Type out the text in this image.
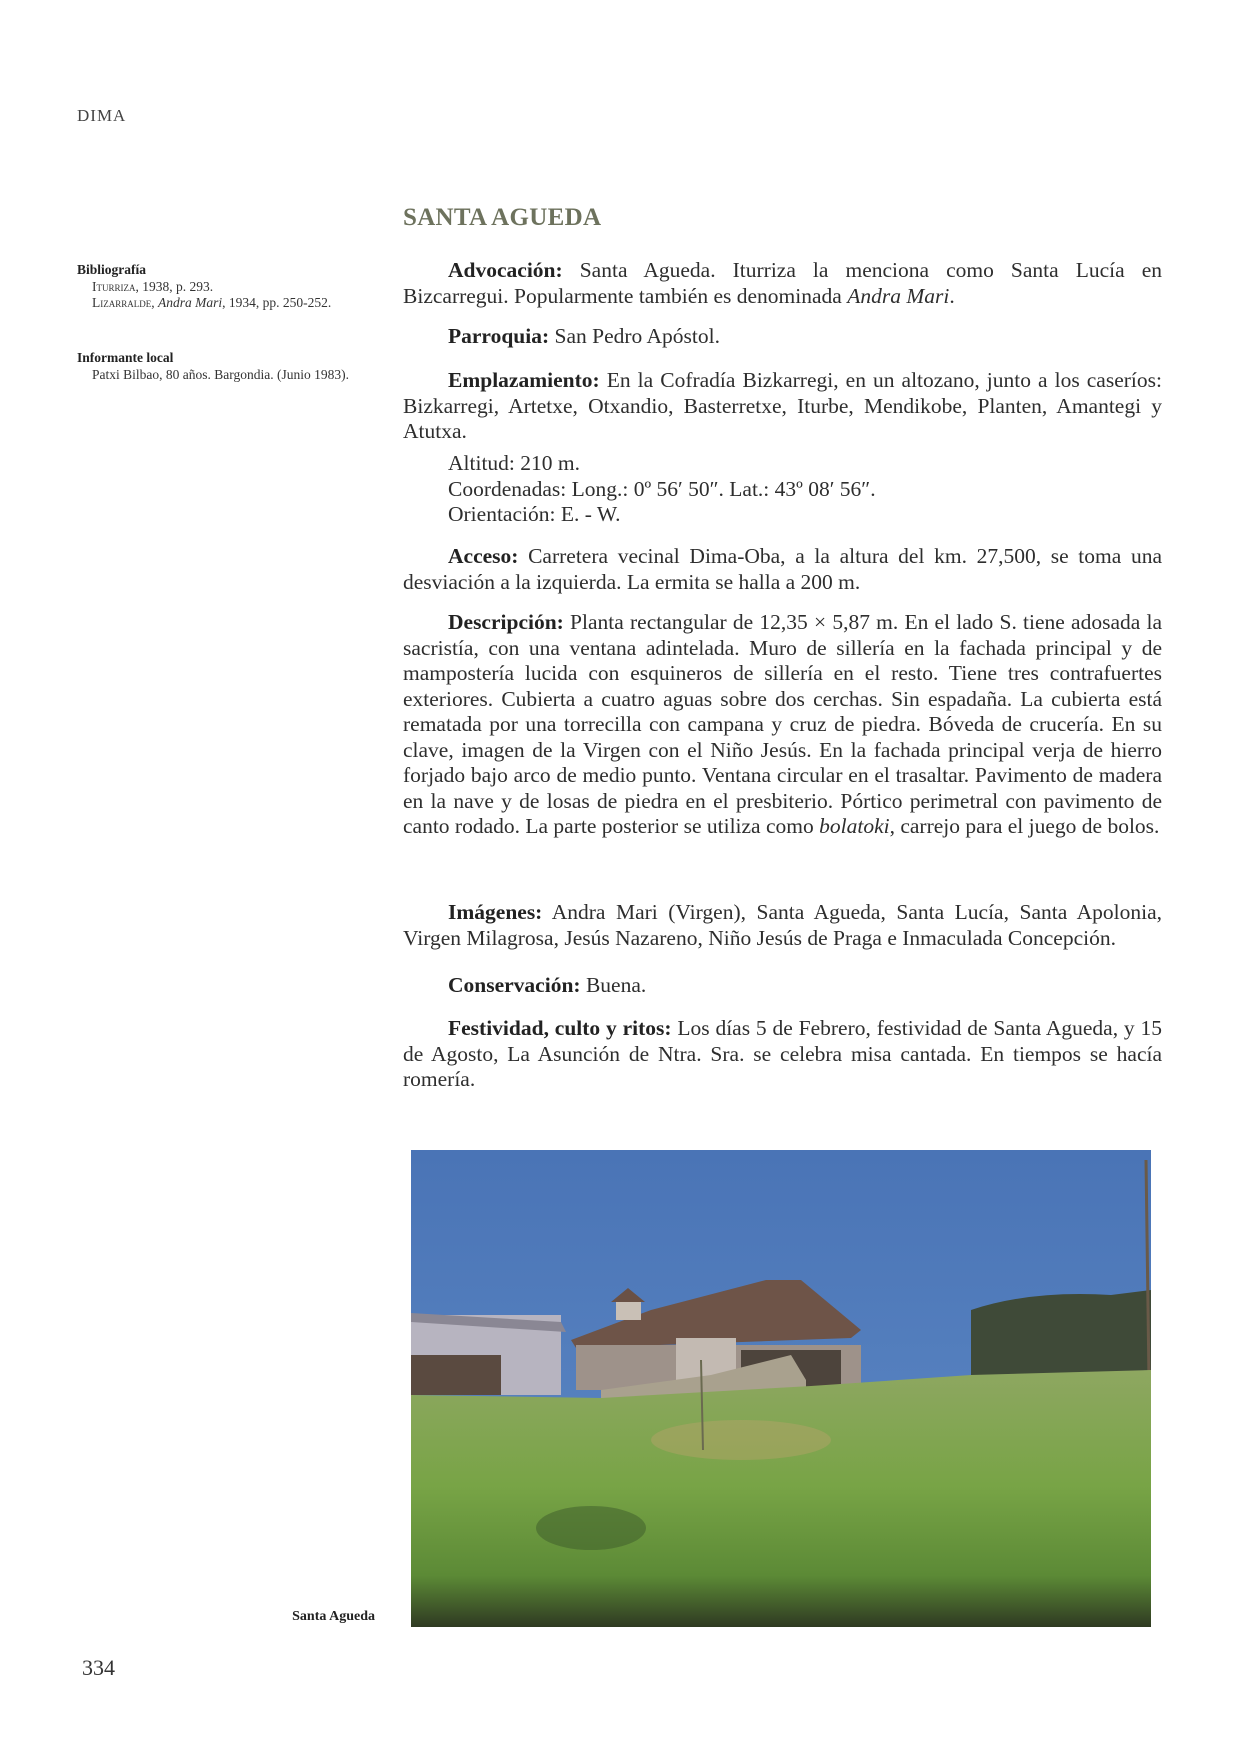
DIMA
SANTA AGUEDA
Bibliografía
Iturriza, 1938, p. 293.
Lizarralde, Andra Mari, 1934, pp. 250-252.
Informante local
Patxi Bilbao, 80 años. Bargondia. (Junio 1983).
Advocación: Santa Agueda. Iturriza la menciona como Santa Lucía en Bizcarregui. Popularmente también es denominada Andra Mari.
Parroquia: San Pedro Apóstol.
Emplazamiento: En la Cofradía Bizkarregi, en un altozano, junto a los caseríos: Bizkarregi, Artetxe, Otxandio, Basterretxe, Iturbe, Mendikobe, Planten, Amantegi y Atutxa.
Altitud: 210 m.
Coordenadas: Long.: 0º 56′ 50″. Lat.: 43º 08′ 56″.
Orientación: E. - W.
Acceso: Carretera vecinal Dima-Oba, a la altura del km. 27,500, se toma una desviación a la izquierda. La ermita se halla a 200 m.
Descripción: Planta rectangular de 12,35 × 5,87 m. En el lado S. tiene adosada la sacristía, con una ventana adintelada. Muro de sillería en la fachada principal y de mampostería lucida con esquineros de sillería en el resto. Tiene tres contrafuertes exteriores. Cubierta a cuatro aguas sobre dos cerchas. Sin espadaña. La cubierta está rematada por una torrecilla con campana y cruz de piedra. Bóveda de crucería. En su clave, imagen de la Virgen con el Niño Jesús. En la fachada principal verja de hierro forjado bajo arco de medio punto. Ventana circular en el trasaltar. Pavimento de madera en la nave y de losas de piedra en el presbiterio. Pórtico perimetral con pavimento de canto rodado. La parte posterior se utiliza como bolatoki, carrejo para el juego de bolos.
Imágenes: Andra Mari (Virgen), Santa Agueda, Santa Lucía, Santa Apolonia, Virgen Milagrosa, Jesús Nazareno, Niño Jesús de Praga e Inmaculada Concepción.
Conservación: Buena.
Festividad, culto y ritos: Los días 5 de Febrero, festividad de Santa Agueda, y 15 de Agosto, La Asunción de Ntra. Sra. se celebra misa cantada. En tiempos se hacía romería.
Santa Agueda
334
